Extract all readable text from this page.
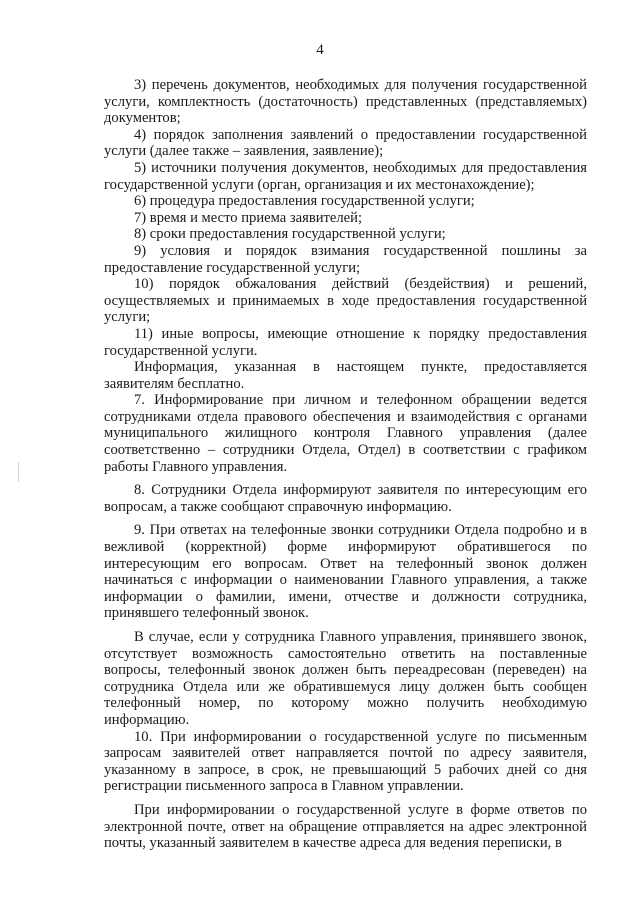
4

3) перечень документов, необходимых для получения государственной услуги, комплектность (достаточность) представленных (представляемых) документов;

4) порядок заполнения заявлений о предоставлении государственной услуги (далее также – заявления, заявление);

5) источники получения документов, необходимых для предоставления государственной услуги (орган, организация и их местонахождение);

6) процедура предоставления государственной услуги;

7) время и место приема заявителей;

8) сроки предоставления государственной услуги;

9) условия и порядок взимания государственной пошлины за предоставление государственной услуги;

10) порядок обжалования действий (бездействия) и решений, осуществляемых и принимаемых в ходе предоставления государственной услуги;

11) иные вопросы, имеющие отношение к порядку предоставления государственной услуги.

Информация, указанная в настоящем пункте, предоставляется заявителям бесплатно.

7. Информирование при личном и телефонном обращении ведется сотрудниками отдела правового обеспечения и взаимодействия с органами муниципального жилищного контроля Главного управления (далее соответственно – сотрудники Отдела, Отдел) в соответствии с графиком работы Главного управления.

8. Сотрудники Отдела информируют заявителя по интересующим его вопросам, а также сообщают справочную информацию.

9. При ответах на телефонные звонки сотрудники Отдела подробно и в вежливой (корректной) форме информируют обратившегося по интересующим его вопросам. Ответ на телефонный звонок должен начинаться с информации о наименовании Главного управления, а также информации о фамилии, имени, отчестве и должности сотрудника, принявшего телефонный звонок.

В случае, если у сотрудника Главного управления, принявшего звонок, отсутствует возможность самостоятельно ответить на поставленные вопросы, телефонный звонок должен быть переадресован (переведен) на сотрудника Отдела или же обратившемуся лицу должен быть сообщен телефонный номер, по которому можно получить необходимую информацию.

10. При информировании о государственной услуге по письменным запросам заявителей ответ направляется почтой по адресу заявителя, указанному в запросе, в срок, не превышающий 5 рабочих дней со дня регистрации письменного запроса в Главном управлении.

При информировании о государственной услуге в форме ответов по электронной почте, ответ на обращение отправляется на адрес электронной почты, указанный заявителем в качестве адреса для ведения переписки, в
